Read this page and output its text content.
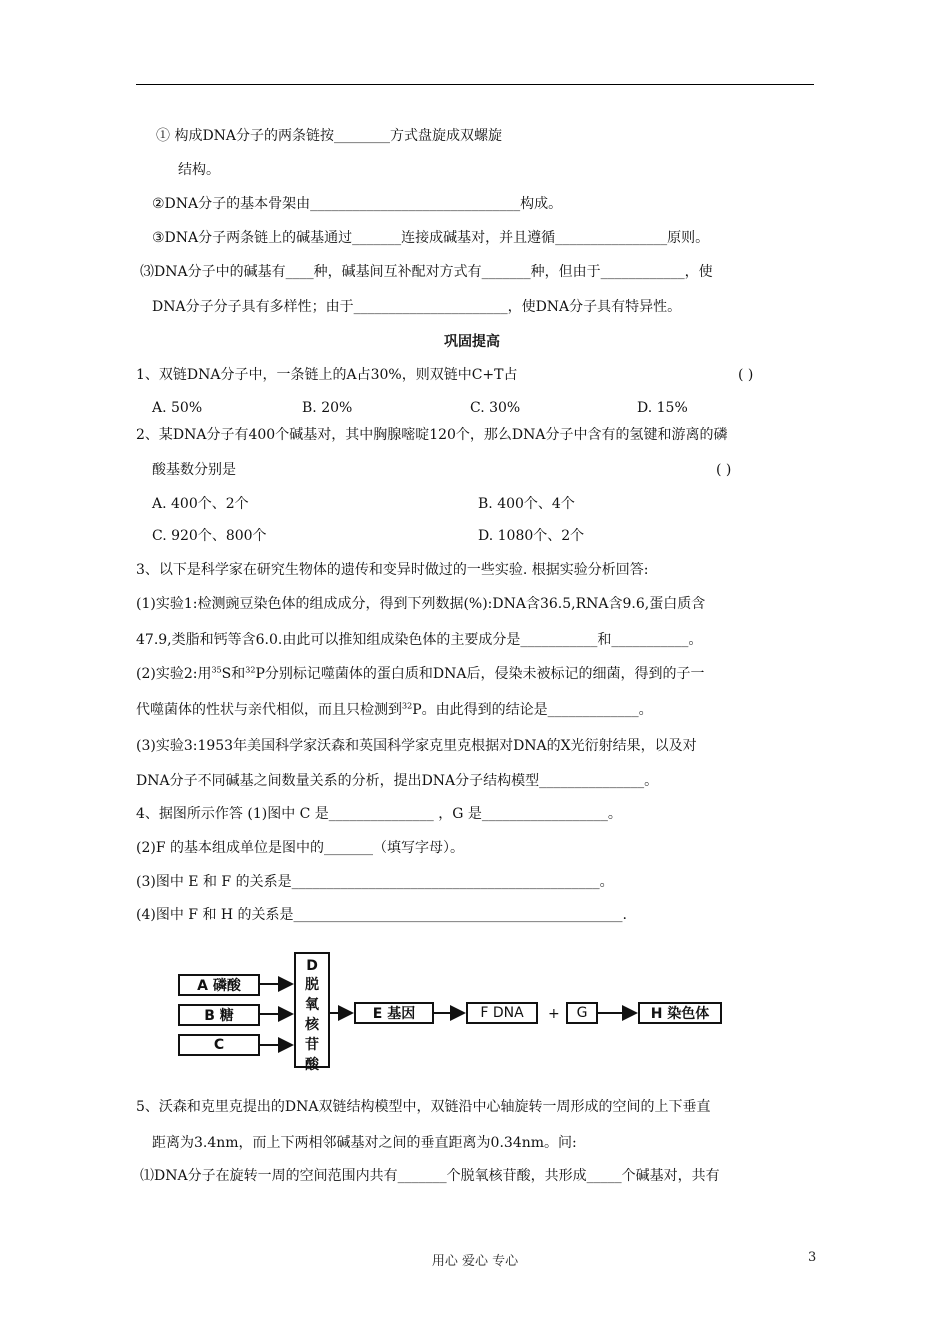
① 构成DNA分子的两条链按________方式盘旋成双螺旋
结构。
②DNA分子的基本骨架由______________________________构成。
③DNA分子两条链上的碱基通过_______连接成碱基对，并且遵循________________原则。
⑶DNA分子中的碱基有____种，碱基间互补配对方式有_______种，但由于____________，使
DNA分子分子具有多样性；由于______________________，使DNA分子具有特异性。
巩固提高
1、双链DNA分子中，一条链上的A占30%，则双链中C+T占	( )
A. 50%	B. 20%	C. 30%	D. 15%
2、某DNA分子有400个碱基对，其中胸腺嘧啶120个，那么DNA分子中含有的氢键和游离的磷
酸基数分别是	( )
A. 400个、2个	B. 400个、4个
C. 920个、800个	D. 1080个、2个
3、以下是科学家在研究生物体的遗传和变异时做过的一些实验. 根据实验分析回答:
(1)实验1:检测豌豆染色体的组成成分，得到下列数据(%):DNA含36.5,RNA含9.6,蛋白质含
47.9,类脂和钙等含6.0.由此可以推知组成染色体的主要成分是___________和___________。
(2)实验2:用$^{35}$S和$^{32}$P分别标记噬菌体的蛋白质和DNA后，侵染未被标记的细菌，得到的子一
代噬菌体的性状与亲代相似，而且只检测到$^{32}$P。由此得到的结论是_____________。
(3)实验3:1953年美国科学家沃森和英国科学家克里克根据对DNA的X光衍射结果，以及对
DNA分子不同碱基之间数量关系的分析，提出DNA分子结构模型_______________。
4、据图所示作答 (1)图中 C 是_______________ ，G 是__________________。
(2)F 的基本组成单位是图中的_______（填写字母）。
(3)图中 E 和 F 的关系是____________________________________________。
(4)图中 F 和 H 的关系是_______________________________________________.
A 磷酸
B 糖
C
D
脱
氧
核
苷
酸
E 基因	F DNA	+	G	H 染色体
5、沃森和克里克提出的DNA双链结构模型中，双链沿中心轴旋转一周形成的空间的上下垂直
距离为3.4nm，而上下两相邻碱基对之间的垂直距离为0.34nm。问:
⑴DNA分子在旋转一周的空间范围内共有_______个脱氧核苷酸，共形成_____个碱基对，共有
用心 爱心 专心	3
